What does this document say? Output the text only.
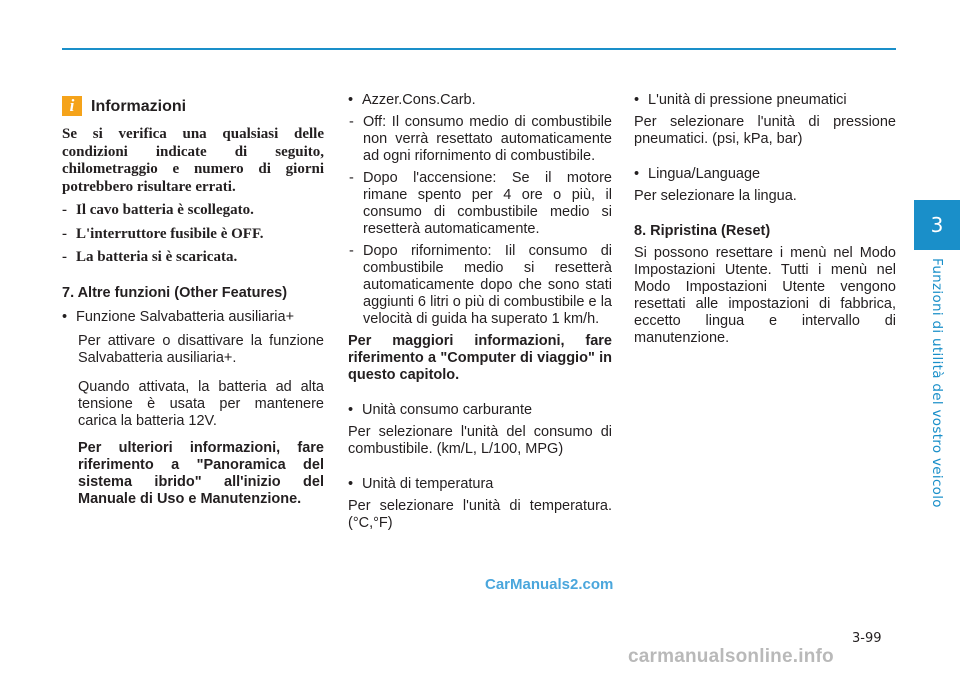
3
Funzioni di utilità del vostro veicolo
i	Informazioni

Se si verifica una qualsiasi delle condizioni indicate di seguito, chilometraggio e numero di giorni potrebbero risultare errati.

- Il cavo batteria è scollegato.
- L'interruttore fusibile è OFF.
- La batteria si è scaricata.

7. Altre funzioni (Other Features)

• Funzione Salvabatteria ausiliaria+

Per attivare o disattivare la funzione Salvabatteria ausiliaria+.

Quando attivata, la batteria ad alta tensione è usata per mantenere carica la batteria 12V.

Per ulteriori informazioni, fare riferimento a "Panoramica del sistema ibrido" all'inizio del Manuale di Uso e Manutenzione.

• Azzer.Cons.Carb.
- Off: Il consumo medio di combustibile non verrà resettato automaticamente ad ogni rifornimento di combustibile.
- Dopo l'accensione: Se il motore rimane spento per 4 ore o più, il consumo di combustibile medio si resetterà automaticamente.
- Dopo rifornimento: Iil consumo di combustibile medio si resetterà automaticamente dopo che sono stati aggiunti 6 litri o più di combustibile e la velocità di guida ha superato 1 km/h.

Per maggiori informazioni, fare riferimento a "Computer di viaggio" in questo capitolo.

• Unità consumo carburante

Per selezionare l'unità del consumo di combustibile. (km/L, L/100, MPG)

• Unità di temperatura

Per selezionare l'unità di temperatura. (°C,°F)

• L'unità di pressione pneumatici

Per selezionare l'unità di pressione pneumatici. (psi, kPa, bar)

• Lingua/Language

Per selezionare la lingua.

8. Ripristina (Reset)

Si possono resettare i menù nel Modo Impostazioni Utente. Tutti i menù nel Modo Impostazioni Utente vengono resettati alle impostazioni di fabbrica, eccetto lingua e intervallo di manutenzione.

CarManuals2.com
3-99
carmanualsonline.info
